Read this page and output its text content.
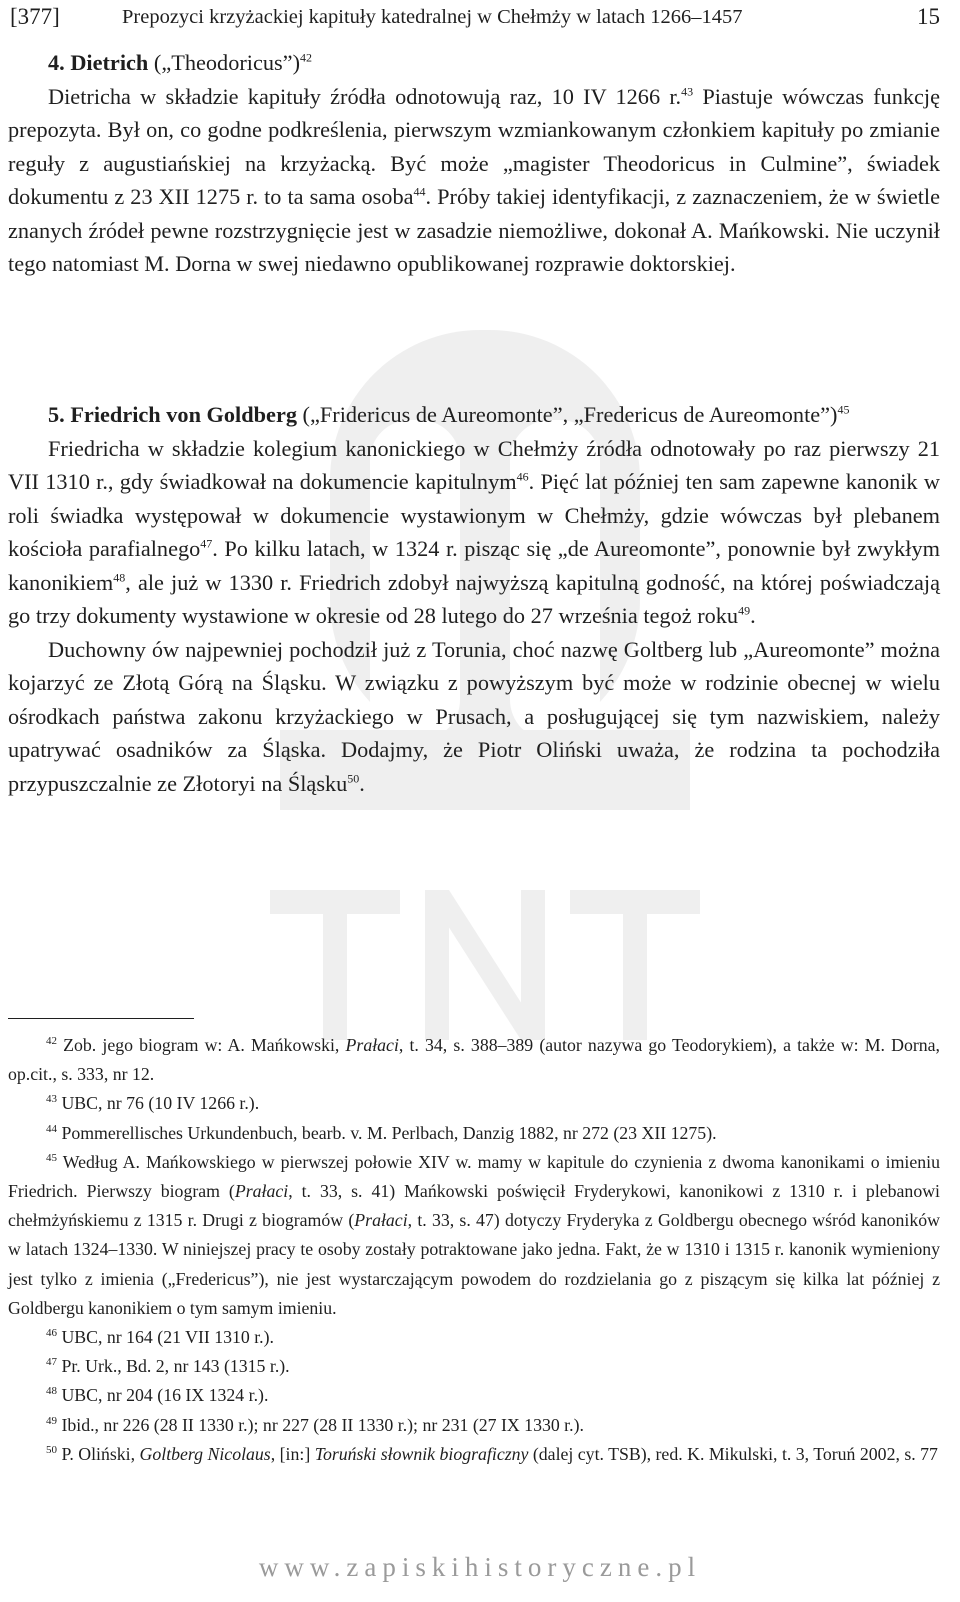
[377]	Prepozyci krzyżackiej kapituły katedralnej w Chełmży w latach 1266–1457	15

4. Dietrich („Theodoricus”)$^{42}$

Dietricha w składzie kapituły źródła odnotowują raz, 10 IV 1266 r.$^{43}$ Piastuje wówczas funkcję prepozyta. Był on, co godne podkreślenia, pierwszym wzmiankowanym członkiem kapituły po zmianie reguły z augustiańskiej na krzyżacką. Być może „magister Theodoricus in Culmine”, świadek dokumentu z 23 XII 1275 r. to ta sama osoba$^{44}$. Próby takiej identyfikacji, z zaznaczeniem, że w świetle znanych źródeł pewne rozstrzygnięcie jest w zasadzie niemożliwe, dokonał A. Mańkowski. Nie uczynił tego natomiast M. Dorna w swej niedawno opublikowanej rozprawie doktorskiej.

5. Friedrich von Goldberg („Fridericus de Aureomonte”, „Fredericus de Aureomonte”)$^{45}$

Friedricha w składzie kolegium kanonickiego w Chełmży źródła odnotowały po raz pierwszy 21 VII 1310 r., gdy świadkował na dokumencie kapitulnym$^{46}$. Pięć lat później ten sam zapewne kanonik w roli świadka występował w dokumencie wystawionym w Chełmży, gdzie wówczas był plebanem kościoła parafialnego$^{47}$. Po kilku latach, w 1324 r. pisząc się „de Aureomonte”, ponownie był zwykłym kanonikiem$^{48}$, ale już w 1330 r. Friedrich zdobył najwyższą kapitulną godność, na której poświadczają go trzy dokumenty wystawione w okresie od 28 lutego do 27 września tegoż roku$^{49}$.

Duchowny ów najpewniej pochodził już z Torunia, choć nazwę Goltberg lub „Aureomonte” można kojarzyć ze Złotą Górą na Śląsku. W związku z powyższym być może w rodzinie obecnej w wielu ośrodkach państwa zakonu krzyżackiego w Prusach, a posługującej się tym nazwiskiem, należy upatrywać osadników za Śląska. Dodajmy, że Piotr Oliński uważa, że rodzina ta pochodziła przypuszczalnie ze Złotoryi na Śląsku$^{50}$.

$^{42}$ Zob. jego biogram w: A. Mańkowski, Prałaci, t. 34, s. 388–389 (autor nazywa go Teodorykiem), a także w: M. Dorna, op.cit., s. 333, nr 12.

$^{43}$ UBC, nr 76 (10 IV 1266 r.).

$^{44}$ Pommerellisches Urkundenbuch, bearb. v. M. Perlbach, Danzig 1882, nr 272 (23 XII 1275).

$^{45}$ Według A. Mańkowskiego w pierwszej połowie XIV w. mamy w kapitule do czynienia z dwoma kanonikami o imieniu Friedrich. Pierwszy biogram (Prałaci, t. 33, s. 41) Mańkowski poświęcił Fryderykowi, kanonikowi z 1310 r. i plebanowi chełmżyńskiemu z 1315 r. Drugi z biogramów (Prałaci, t. 33, s. 47) dotyczy Fryderyka z Goldbergu obecnego wśród kanoników w latach 1324–1330. W niniejszej pracy te osoby zostały potraktowane jako jedna. Fakt, że w 1310 i 1315 r. kanonik wymieniony jest tylko z imienia („Fredericus”), nie jest wystarczającym powodem do rozdzielania go z piszącym się kilka lat później z Goldbergu kanonikiem o tym samym imieniu.

$^{46}$ UBC, nr 164 (21 VII 1310 r.).

$^{47}$ Pr. Urk., Bd. 2, nr 143 (1315 r.).

$^{48}$ UBC, nr 204 (16 IX 1324 r.).

$^{49}$ Ibid., nr 226 (28 II 1330 r.); nr 227 (28 II 1330 r.); nr 231 (27 IX 1330 r.).

$^{50}$ P. Oliński, Goltberg Nicolaus, [in:] Toruński słownik biograficzny (dalej cyt. TSB), red. K. Mikulski, t. 3, Toruń 2002, s. 77

www.zapiskihistoryczne.pl
